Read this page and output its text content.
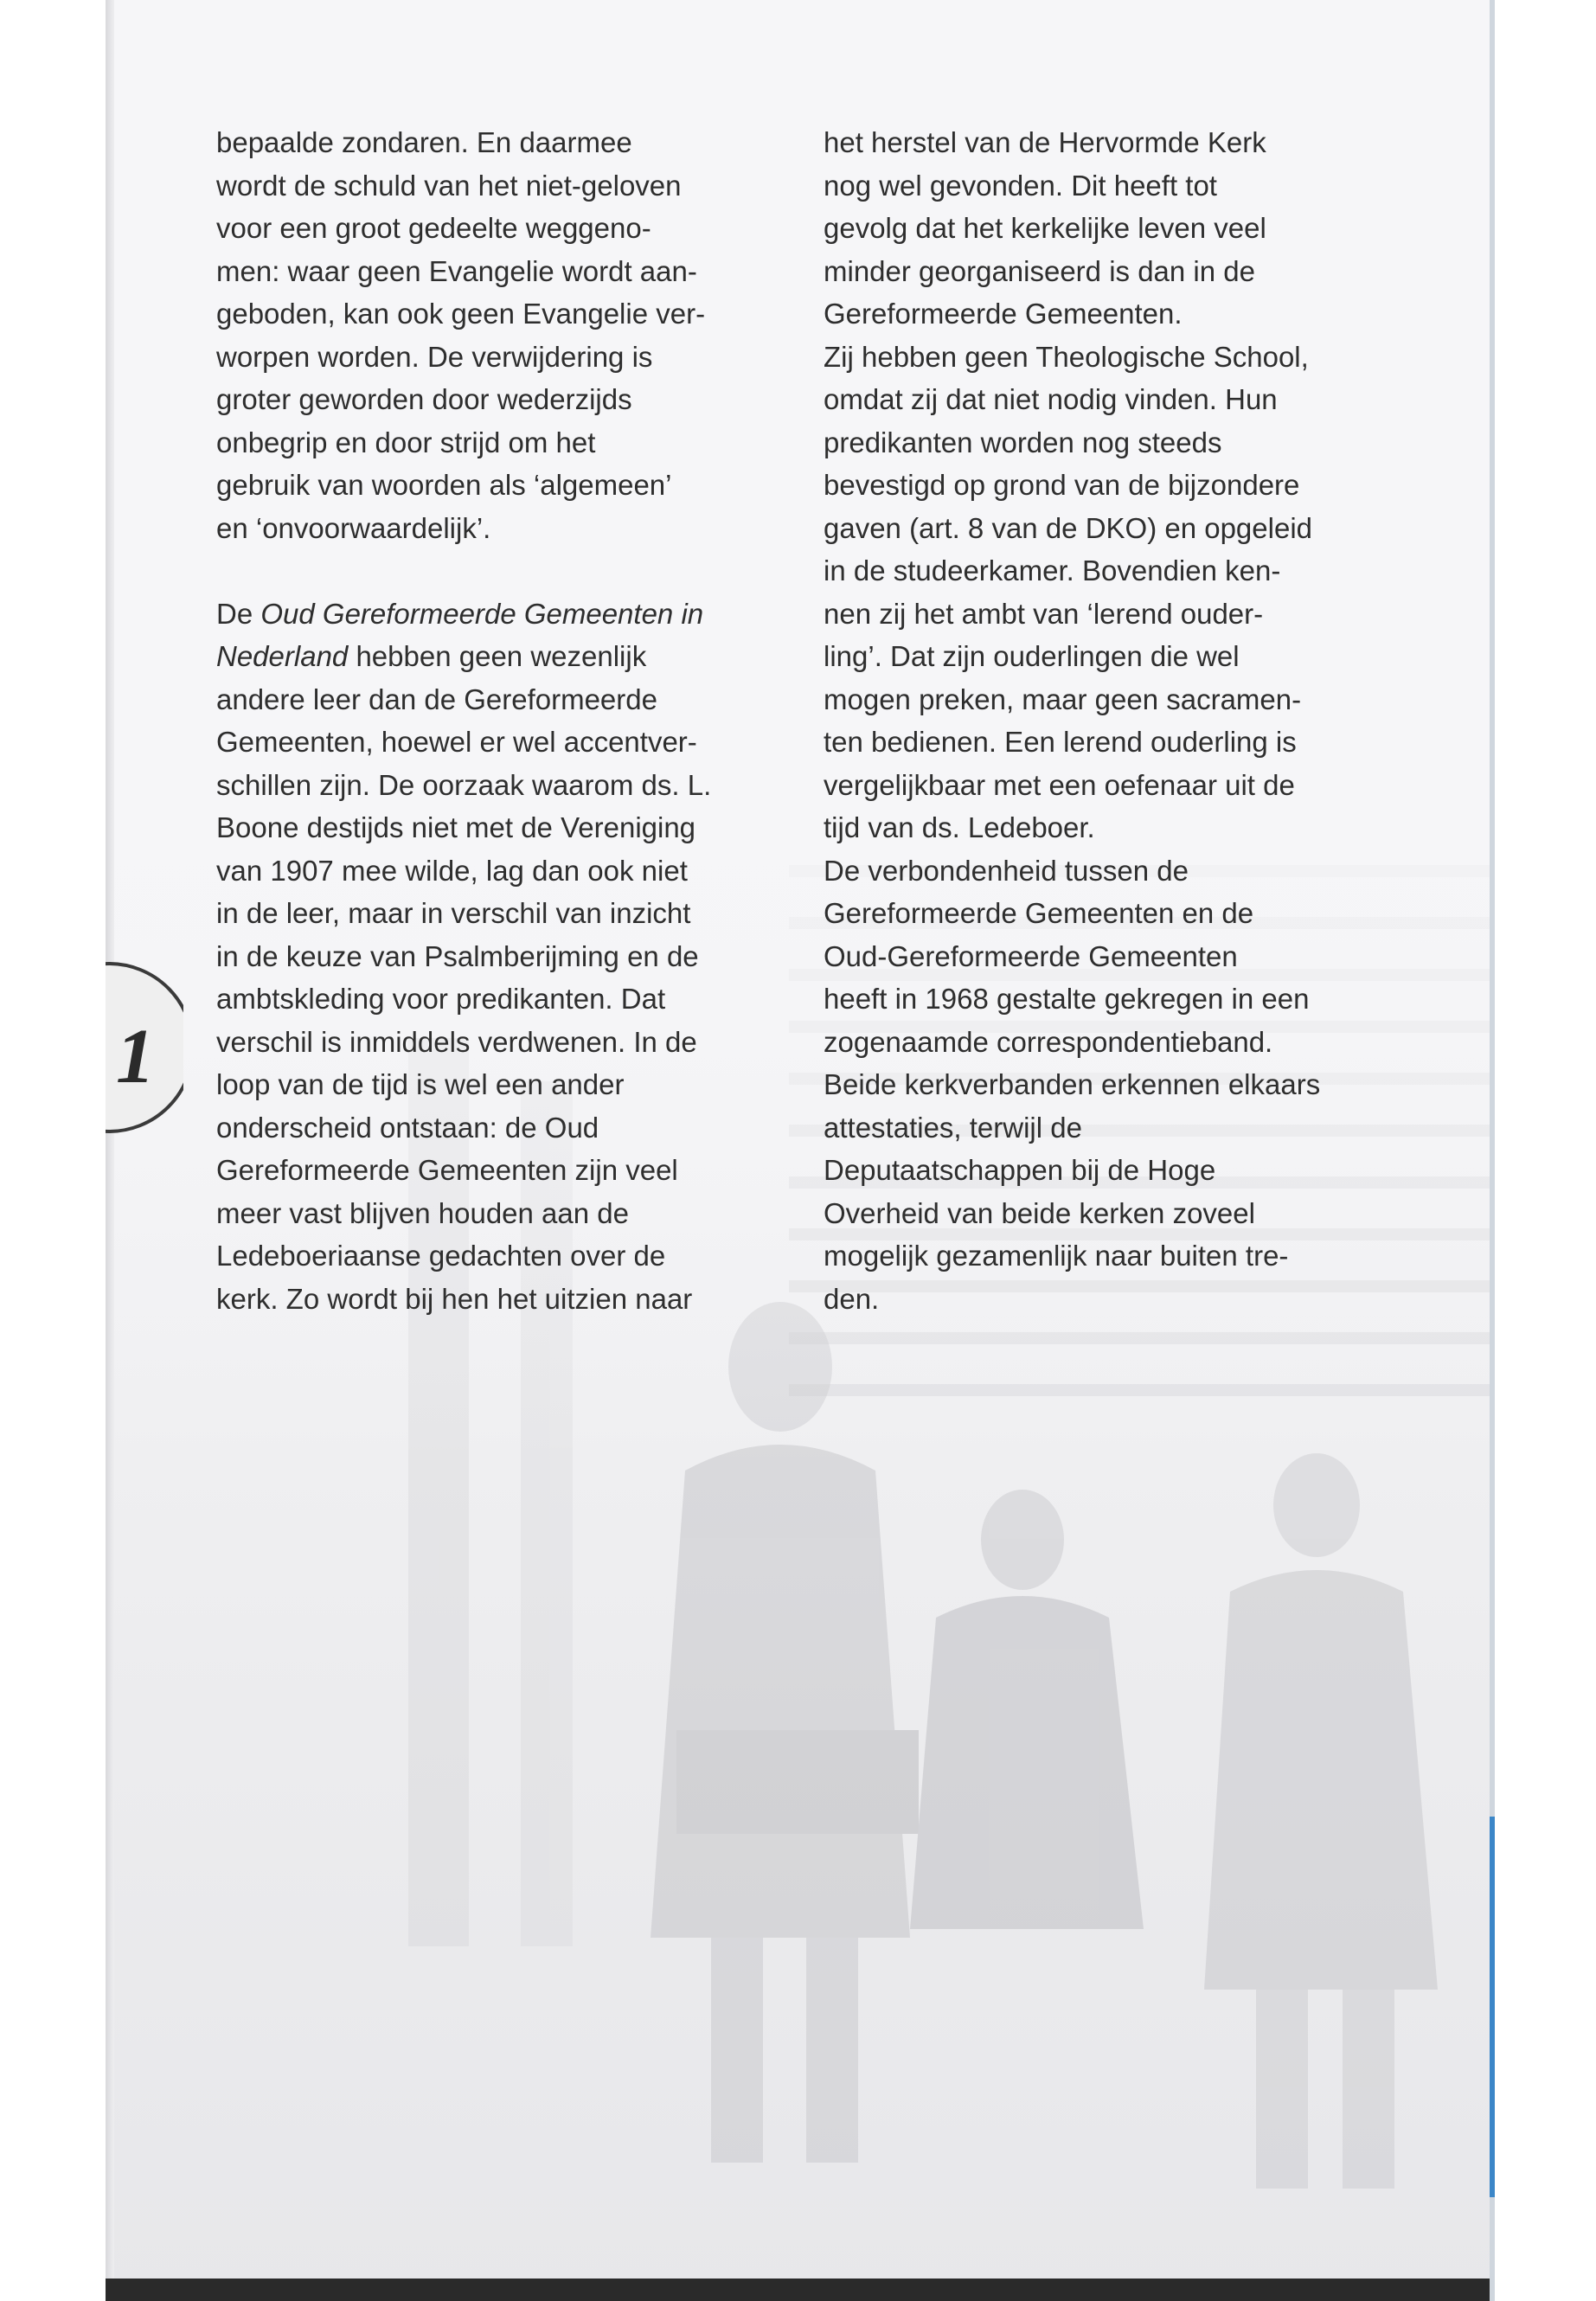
1
bepaalde zondaren. En daarmee
wordt de schuld van het niet-geloven
voor een groot gedeelte weggeno-
men: waar geen Evangelie wordt aan-
geboden, kan ook geen Evangelie ver-
worpen worden. De verwijdering is
groter geworden door wederzijds
onbegrip en door strijd om het
gebruik van woorden als ‘algemeen’
en ‘onvoorwaardelijk’.
De Oud Gereformeerde Gemeenten in
Nederland hebben geen wezenlijk
andere leer dan de Gereformeerde
Gemeenten, hoewel er wel accentver-
schillen zijn. De oorzaak waarom ds. L.
Boone destijds niet met de Vereniging
van 1907 mee wilde, lag dan ook niet
in de leer, maar in verschil van inzicht
in de keuze van Psalmberijming en de
ambtskleding voor predikanten. Dat
verschil is inmiddels verdwenen. In de
loop van de tijd is wel een ander
onderscheid ontstaan: de Oud
Gereformeerde Gemeenten zijn veel
meer vast blijven houden aan de
Ledeboeriaanse gedachten over de
kerk. Zo wordt bij hen het uitzien naar
het herstel van de Hervormde Kerk
nog wel gevonden. Dit heeft tot
gevolg dat het kerkelijke leven veel
minder georganiseerd is dan in de
Gereformeerde Gemeenten.
Zij hebben geen Theologische School,
omdat zij dat niet nodig vinden. Hun
predikanten worden nog steeds
bevestigd op grond van de bijzondere
gaven (art. 8 van de DKO) en opgeleid
in de studeerkamer. Bovendien ken-
nen zij het ambt van ‘lerend ouder-
ling’. Dat zijn ouderlingen die wel
mogen preken, maar geen sacramen-
ten bedienen. Een lerend ouderling is
vergelijkbaar met een oefenaar uit de
tijd van ds. Ledeboer.
De verbondenheid tussen de
Gereformeerde Gemeenten en de
Oud-Gereformeerde Gemeenten
heeft in 1968 gestalte gekregen in een
zogenaamde correspondentieband.
Beide kerkverbanden erkennen elkaars
attestaties, terwijl de
Deputaatschappen bij de Hoge
Overheid van beide kerken zoveel
mogelijk gezamenlijk naar buiten tre-
den.
